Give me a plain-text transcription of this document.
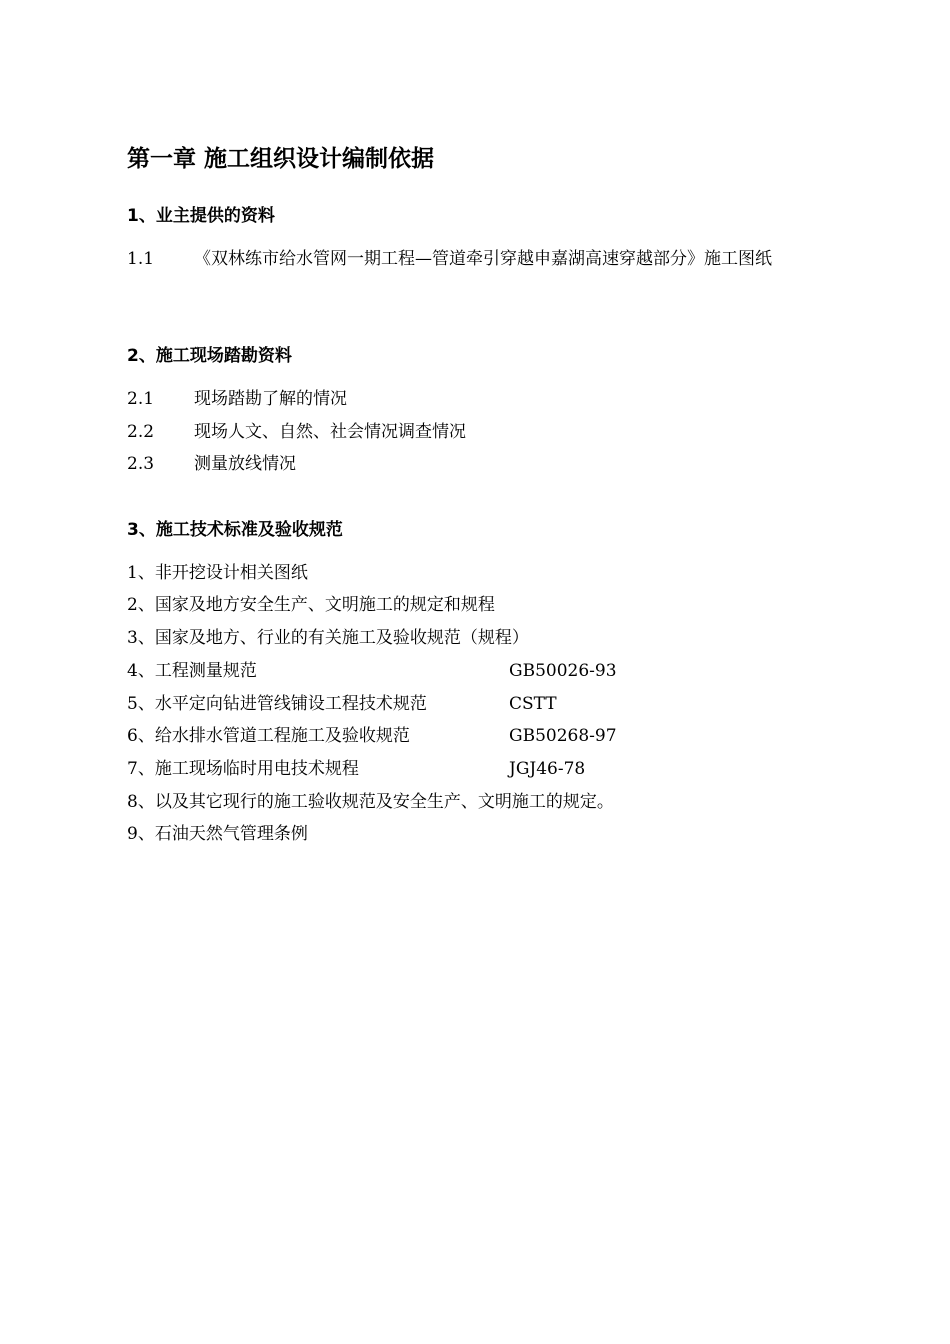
第一章 施工组织设计编制依据
1、业主提供的资料
1.1 《双林练市给水管网一期工程—管道牵引穿越申嘉湖高速穿越部分》施工图纸
2、施工现场踏勘资料
2.1 现场踏勘了解的情况
2.2 现场人文、自然、社会情况调查情况
2.3 测量放线情况
3、施工技术标准及验收规范
1、非开挖设计相关图纸
2、国家及地方安全生产、文明施工的规定和规程
3、国家及地方、行业的有关施工及验收规范（规程）
4、工程测量规范	GB50026-93
5、水平定向钻进管线铺设工程技术规范	CSTT
6、给水排水管道工程施工及验收规范	GB50268-97
7、施工现场临时用电技术规程	JGJ46-78
8、以及其它现行的施工验收规范及安全生产、文明施工的规定。
9、石油天然气管理条例
